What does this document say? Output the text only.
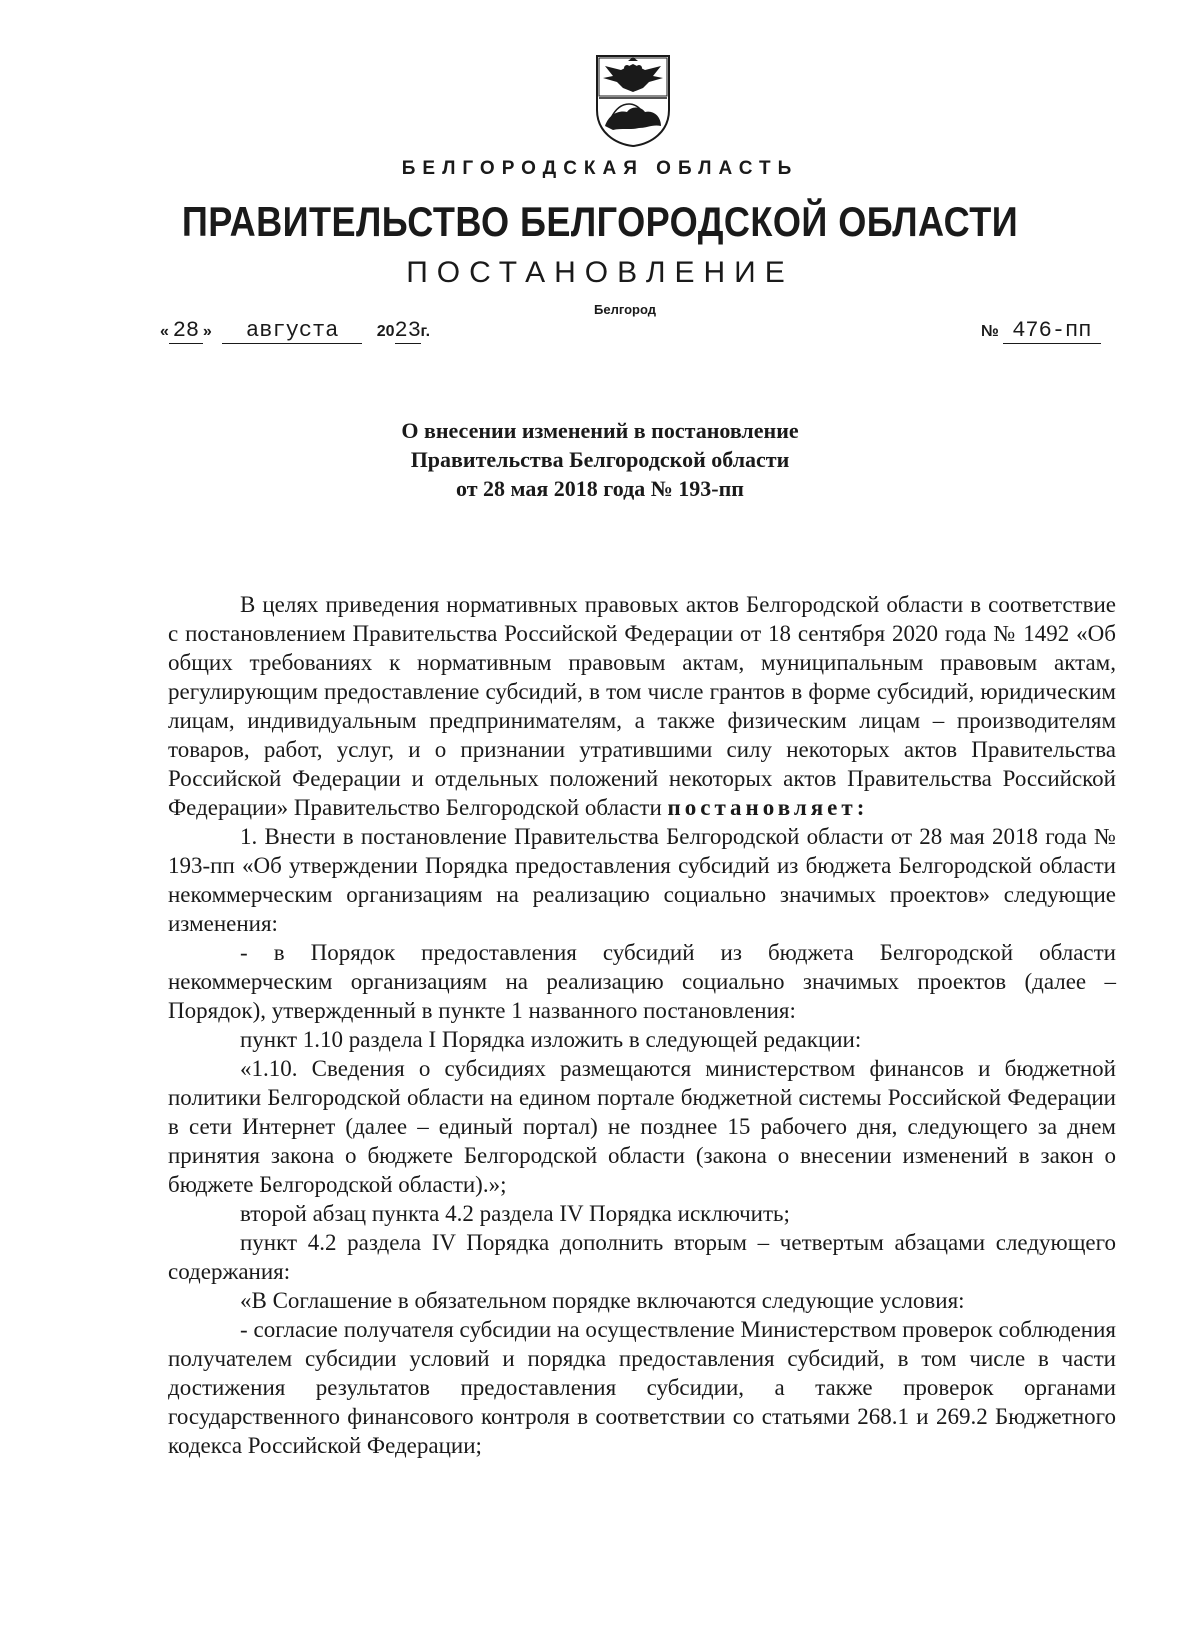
БЕЛГОРОДСКАЯ ОБЛАСТЬ
ПРАВИТЕЛЬСТВО БЕЛГОРОДСКОЙ ОБЛАСТИ
ПОСТАНОВЛЕНИЕ
Белгород
« 28 » августа 2023г.	№ 476-пп
О внесении изменений в постановление
Правительства Белгородской области
от 28 мая 2018 года № 193-пп

В целях приведения нормативных правовых актов Белгородской области в соответствие с постановлением Правительства Российской Федерации от 18 сентября 2020 года № 1492 «Об общих требованиях к нормативным правовым актам, муниципальным правовым актам, регулирующим предоставление субсидий, в том числе грантов в форме субсидий, юридическим лицам, индивидуальным предпринимателям, а также физическим лицам – производителям товаров, работ, услуг, и о признании утратившими силу некоторых актов Правительства Российской Федерации и отдельных положений некоторых актов Правительства Российской Федерации» Правительство Белгородской области постановляет:

1. Внести в постановление Правительства Белгородской области от 28 мая 2018 года № 193-пп «Об утверждении Порядка предоставления субсидий из бюджета Белгородской области некоммерческим организациям на реализацию социально значимых проектов» следующие изменения:

- в Порядок предоставления субсидий из бюджета Белгородской области некоммерческим организациям на реализацию социально значимых проектов (далее – Порядок), утвержденный в пункте 1 названного постановления:

пункт 1.10 раздела I Порядка изложить в следующей редакции:

«1.10. Сведения о субсидиях размещаются министерством финансов и бюджетной политики Белгородской области на едином портале бюджетной системы Российской Федерации в сети Интернет (далее – единый портал) не позднее 15 рабочего дня, следующего за днем принятия закона о бюджете Белгородской области (закона о внесении изменений в закон о бюджете Белгородской области).»;

второй абзац пункта 4.2 раздела IV Порядка исключить;

пункт 4.2 раздела IV Порядка дополнить вторым – четвертым абзацами следующего содержания:

«В Соглашение в обязательном порядке включаются следующие условия:

- согласие получателя субсидии на осуществление Министерством проверок соблюдения получателем субсидии условий и порядка предоставления субсидий, в том числе в части достижения результатов предоставления субсидии, а также проверок органами государственного финансового контроля в соответствии со статьями 268.1 и 269.2 Бюджетного кодекса Российской Федерации;
